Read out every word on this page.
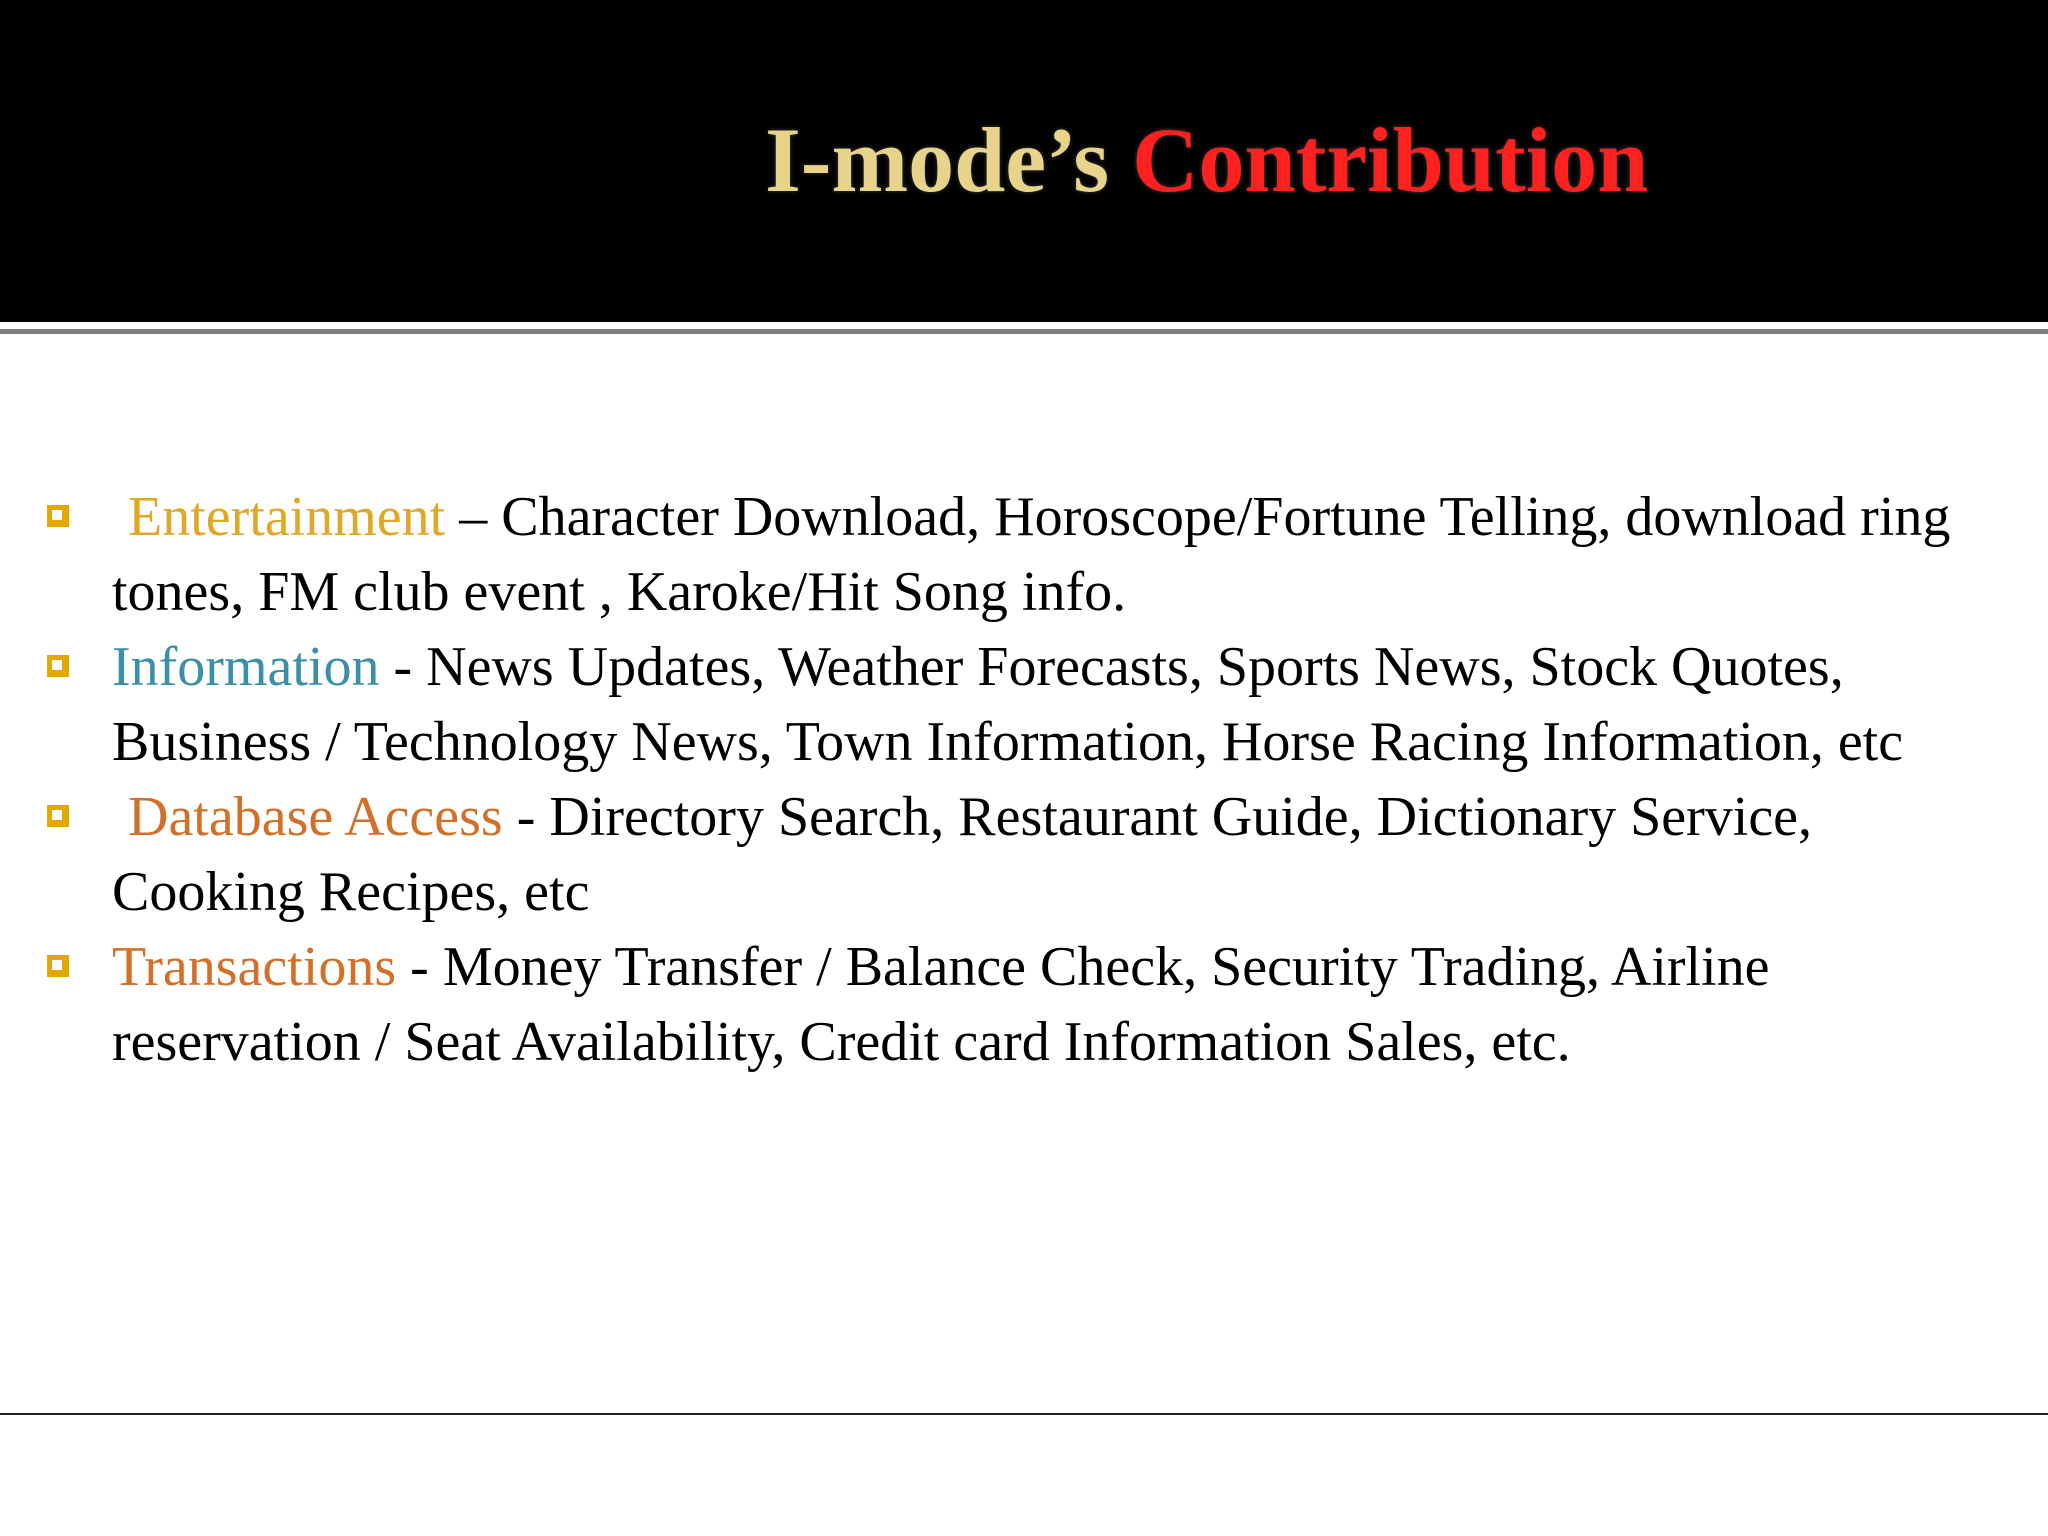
I-mode’s Contribution
Entertainment – Character Download, Horoscope/Fortune Telling, download ring tones, FM club event , Karoke/Hit Song info.
Information - News Updates, Weather Forecasts, Sports News, Stock Quotes, Business / Technology News, Town Information, Horse Racing Information, etc
Database Access - Directory Search, Restaurant Guide, Dictionary Service, Cooking Recipes, etc
Transactions - Money Transfer / Balance Check, Security Trading, Airline reservation / Seat Availability, Credit card Information Sales, etc.
